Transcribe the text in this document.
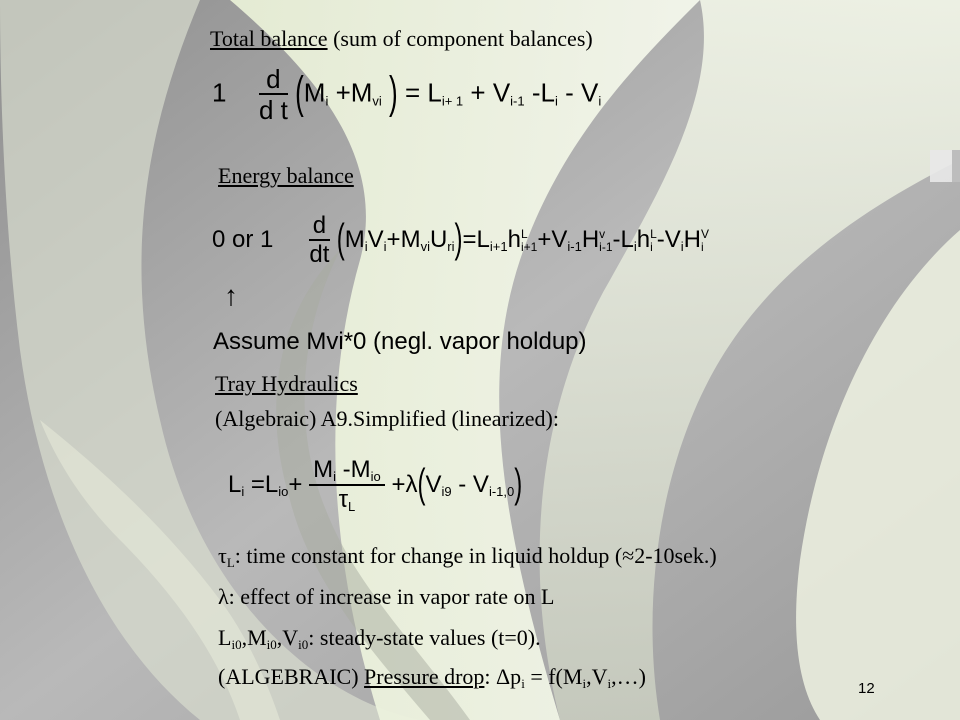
Total balance (sum of component balances)
$1 \frac{d}{\text{d t}} (M_i +M_{vi}$ ) = $L_{i+ 1} + V_{i-1}$ $-L_i - V_i$
Energy balance
0 or $1 \frac{d}{dt} (M_iV_i+M_{vi}U_{ri})=L_{i+1}h$ L
$i+1 +V_{i-1}H$ v
i-1 $-L_ih$ L
i $-V_iH$ V
i
↑
Assume Mvi*0 (negl. vapor holdup)
Tray Hydraulics
(Algebraic) A9.Simplified (linearized):
$L_i =L_{io}+ \frac{M_i -M_{io}}{\tau_L} +\lambda(V_{i9} - V_{i-1,0})$
$\tau_L$: time constant for change in liquid holdup (≈2-10sek.)
λ: effect of increase in vapor rate on L
$L_{i0},M_{i0},V_{i0}$: steady-state values (t=0).
(ALGEBRAIC) Pressure drop: $\Delta p_i$ = $f(M_i,V_i,\dots)$	12
